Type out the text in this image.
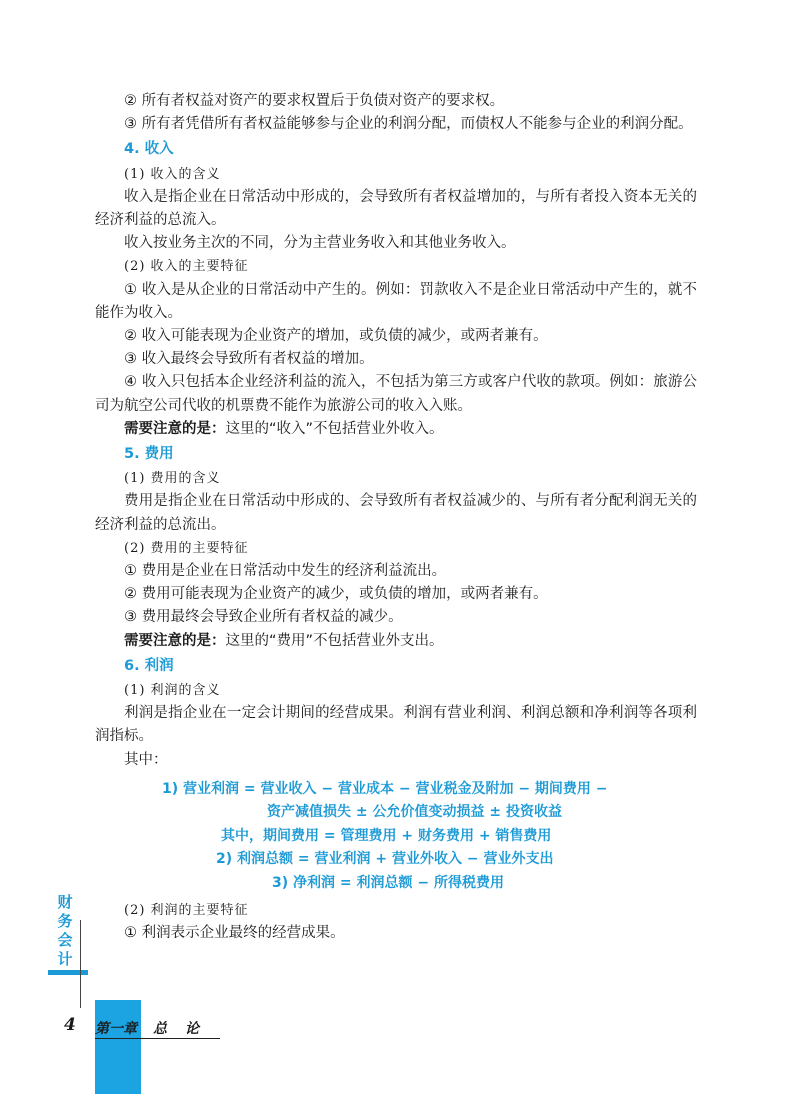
② 所有者权益对资产的要求权置后于负债对资产的要求权。

③ 所有者凭借所有者权益能够参与企业的利润分配，而债权人不能参与企业的利润分配。

4. 收入

(1) 收入的含义

收入是指企业在日常活动中形成的，会导致所有者权益增加的，与所有者投入资本无关的经济利益的总流入。

收入按业务主次的不同，分为主营业务收入和其他业务收入。

(2) 收入的主要特征

① 收入是从企业的日常活动中产生的。例如：罚款收入不是企业日常活动中产生的，就不能作为收入。

② 收入可能表现为企业资产的增加，或负债的减少，或两者兼有。

③ 收入最终会导致所有者权益的增加。

④ 收入只包括本企业经济利益的流入，不包括为第三方或客户代收的款项。例如：旅游公司为航空公司代收的机票费不能作为旅游公司的收入入账。

需要注意的是：这里的“收入”不包括营业外收入。

5. 费用

(1) 费用的含义

费用是指企业在日常活动中形成的、会导致所有者权益减少的、与所有者分配利润无关的经济利益的总流出。

(2) 费用的主要特征

① 费用是企业在日常活动中发生的经济利益流出。

② 费用可能表现为企业资产的减少，或负债的增加，或两者兼有。

③ 费用最终会导致企业所有者权益的减少。

需要注意的是：这里的“费用”不包括营业外支出。

6. 利润

(1) 利润的含义

利润是指企业在一定会计期间的经营成果。利润有营业利润、利润总额和净利润等各项利润指标。

其中：

1) 营业利润 = 营业收入 − 营业成本 − 营业税金及附加 − 期间费用 −
资产减值损失 ± 公允价值变动损益 ± 投资收益
其中，期间费用 = 管理费用 + 财务费用 + 销售费用
2) 利润总额 = 营业利润 + 营业外收入 − 营业外支出
3) 净利润 = 利润总额 − 所得税费用

(2) 利润的主要特征

① 利润表示企业最终的经营成果。

财
务
会
计
4 第一章 总论
